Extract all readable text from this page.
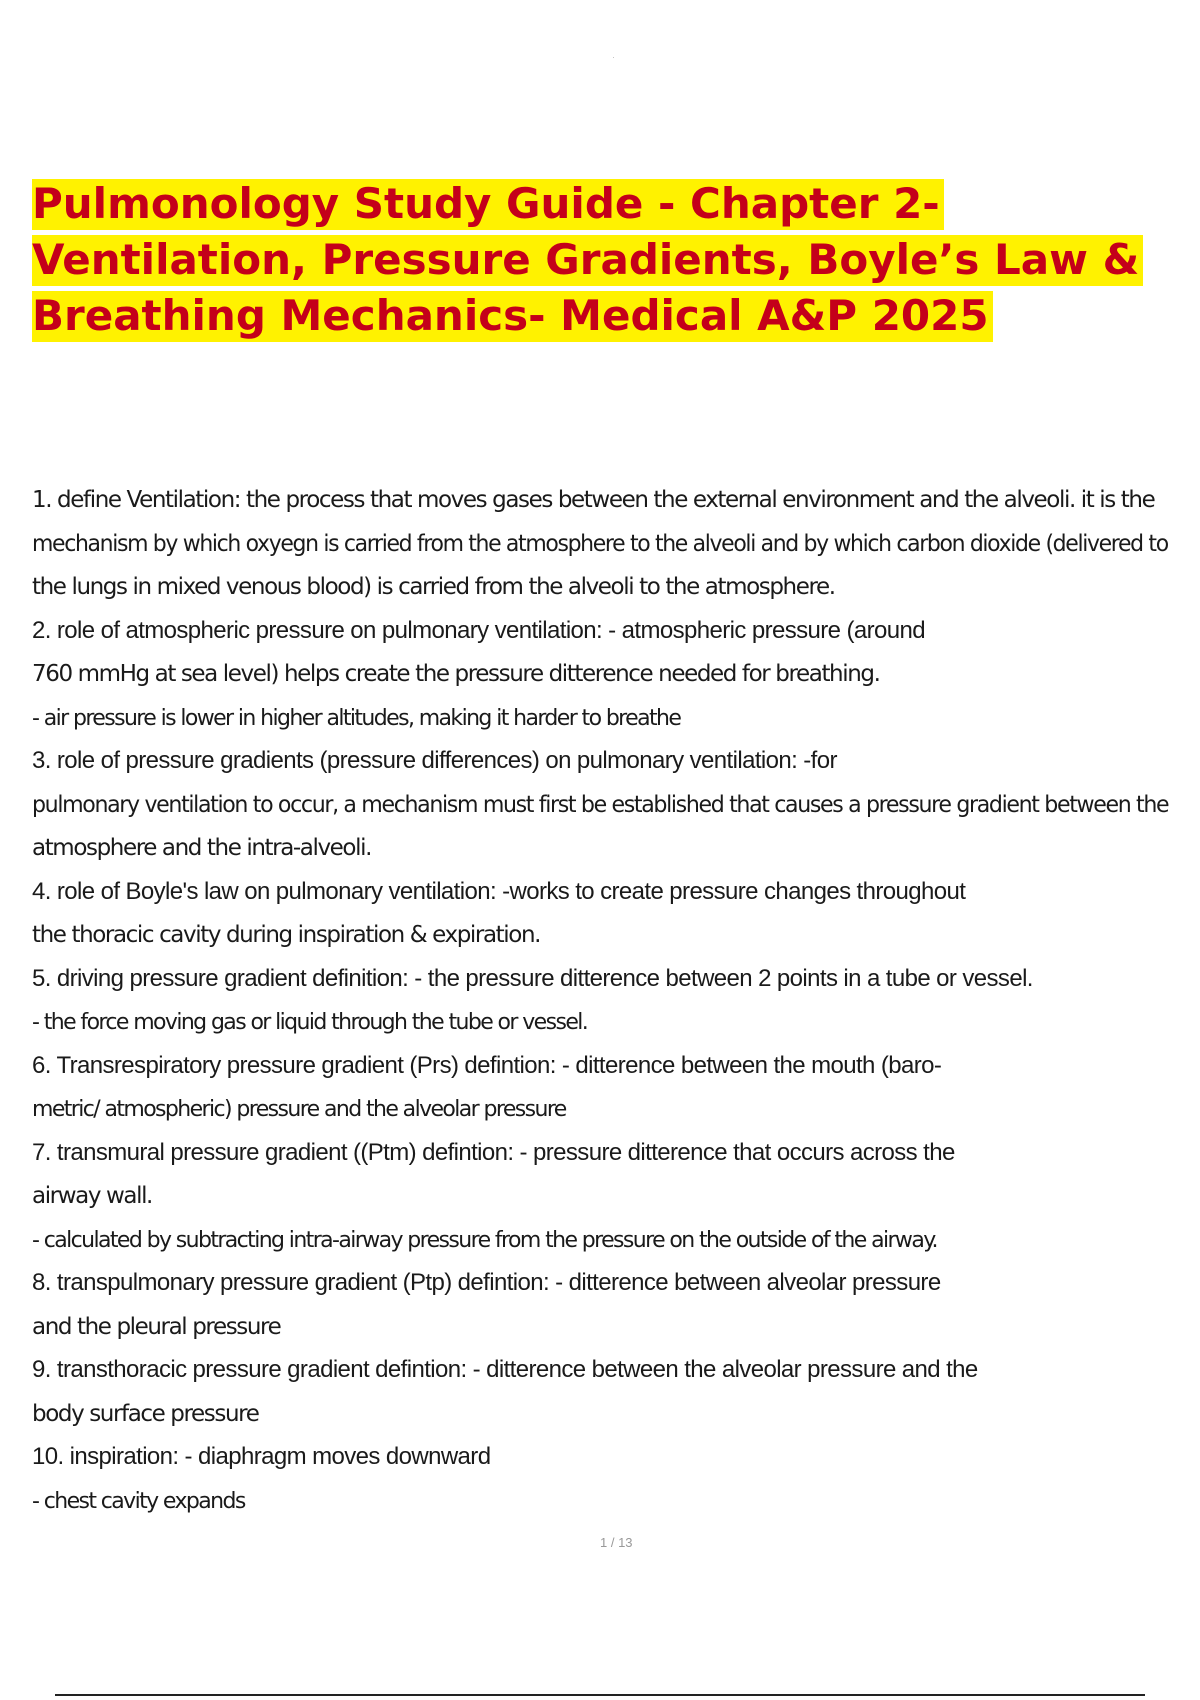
·
Pulmonology Study Guide - Chapter 2- Ventilation, Pressure Gradients, Boyle’s Law & Breathing Mechanics- Medical A&P 2025
1. define Ventilation: the process that moves gases between the external environment and the alveoli. it is the
mechanism by which oxyegn is carried from the atmosphere to the alveoli and by which carbon dioxide (delivered to
the lungs in mixed venous blood) is carried from the alveoli to the atmosphere.
2. role of atmospheric pressure on pulmonary ventilation: - atmospheric pressure (around
760 mmHg at sea level) helps create the pressure ditterence needed for breathing.
- air pressure is lower in higher altitudes, making it harder to breathe
3. role of pressure gradients (pressure differences) on pulmonary ventilation: -for
pulmonary ventilation to occur, a mechanism must first be established that causes a pressure gradient between the
atmosphere and the intra-alveoli.
4. role of Boyle's law on pulmonary ventilation: -works to create pressure changes throughout
the thoracic cavity during inspiration & expiration.
5. driving pressure gradient definition: - the pressure ditterence between 2 points in a tube or vessel.
- the force moving gas or liquid through the tube or vessel.
6. Transrespiratory pressure gradient (Prs) defintion: - ditterence between the mouth (baro-
metric/ atmospheric) pressure and the alveolar pressure
7. transmural pressure gradient ((Ptm) defintion: - pressure ditterence that occurs across the
airway wall.
- calculated by subtracting intra-airway pressure from the pressure on the outside of the airway.
8. transpulmonary pressure gradient (Ptp) defintion: - ditterence between alveolar pressure
and the pleural pressure
9. transthoracic pressure gradient defintion: - ditterence between the alveolar pressure and the
body surface pressure
10. inspiration: - diaphragm moves downward
- chest cavity expands
1 / 13
